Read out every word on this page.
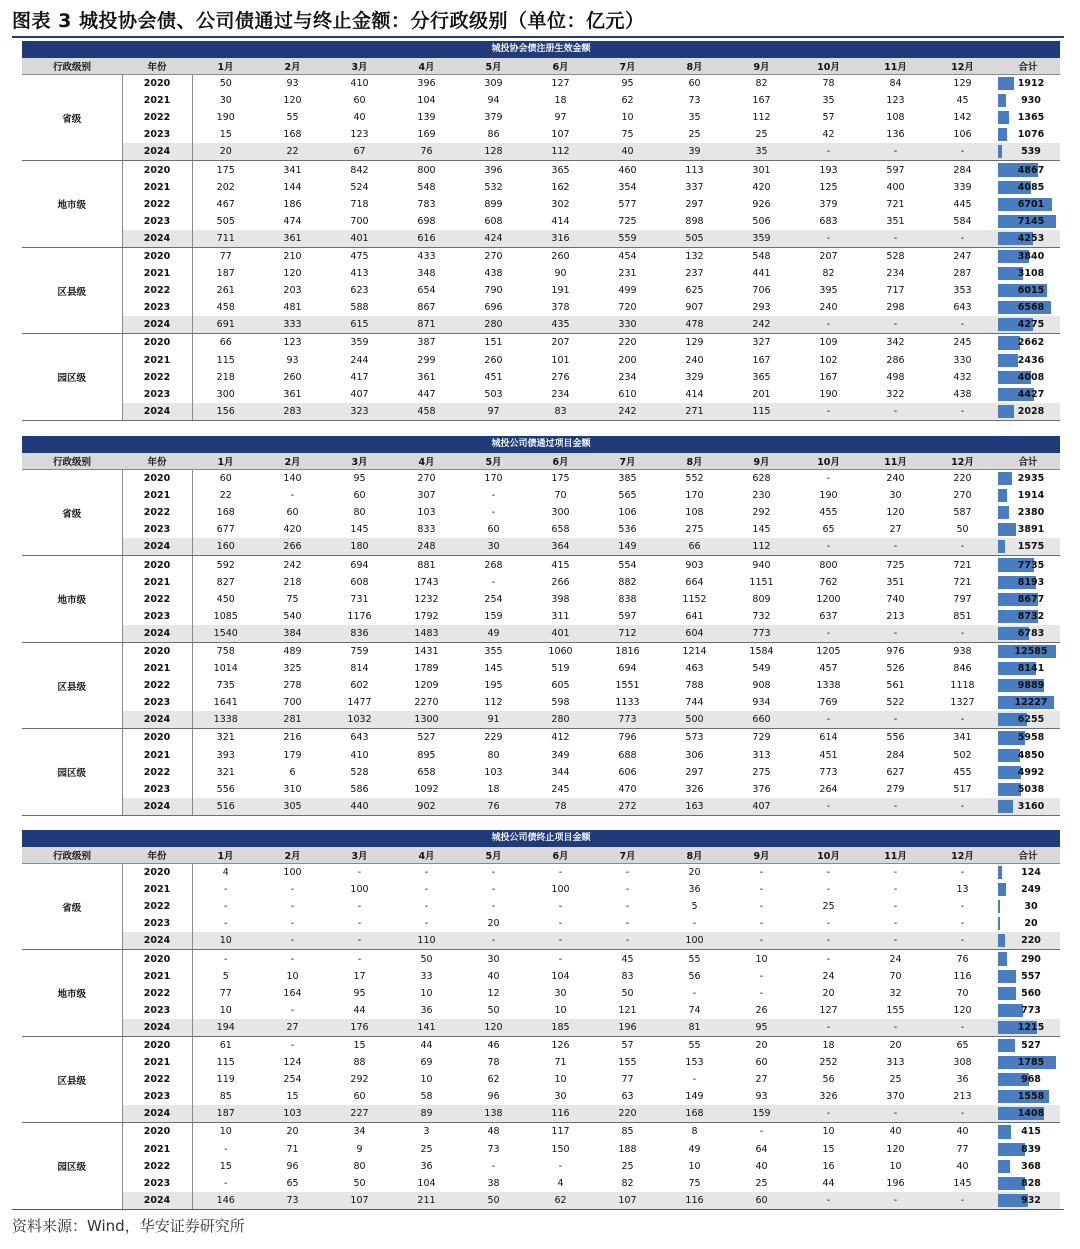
图表 3 城投协会债、公司债通过与终止金额：分行政级别（单位：亿元）
城投协会债注册生效金额
行政级别	年份	1月	2月	3月	4月	5月	6月	7月	8月	9月	10月	11月	12月	合计
省级	2020	50	93	410	396	309	127	95	60	82	78	84	129	1912

	2021	30	120	60	104	94	18	62	73	167	35	123	45	930

	2022	190	55	40	139	379	97	10	35	112	57	108	142	1365

	2023	15	168	123	169	86	107	75	25	25	42	136	106	1076

	2024	20	22	67	76	128	112	40	39	35	-	-	-	539

地市级	2020	175	341	842	800	396	365	460	113	301	193	597	284	4867

	2021	202	144	524	548	532	162	354	337	420	125	400	339	4085

	2022	467	186	718	783	899	302	577	297	926	379	721	445	6701

	2023	505	474	700	698	608	414	725	898	506	683	351	584	7145

	2024	711	361	401	616	424	316	559	505	359	-	-	-	4253

区县级	2020	77	210	475	433	270	260	454	132	548	207	528	247	3840

	2021	187	120	413	348	438	90	231	237	441	82	234	287	3108

	2022	261	203	623	654	790	191	499	625	706	395	717	353	6015

	2023	458	481	588	867	696	378	720	907	293	240	298	643	6568

	2024	691	333	615	871	280	435	330	478	242	-	-	-	4275

园区级	2020	66	123	359	387	151	207	220	129	327	109	342	245	2662

	2021	115	93	244	299	260	101	200	240	167	102	286	330	2436

	2022	218	260	417	361	451	276	234	329	365	167	498	432	4008

	2023	300	361	407	447	503	234	610	414	201	190	322	438	4427

	2024	156	283	323	458	97	83	242	271	115	-	-	-	2028
城投公司债通过项目金额
行政级别	年份	1月	2月	3月	4月	5月	6月	7月	8月	9月	10月	11月	12月	合计
省级	2020	60	140	95	270	170	175	385	552	628	-	240	220	2935

	2021	22	-	60	307	-	70	565	170	230	190	30	270	1914

	2022	168	60	80	103	-	300	106	108	292	455	120	587	2380

	2023	677	420	145	833	60	658	536	275	145	65	27	50	3891

	2024	160	266	180	248	30	364	149	66	112	-	-	-	1575

地市级	2020	592	242	694	881	268	415	554	903	940	800	725	721	7735

	2021	827	218	608	1743	-	266	882	664	1151	762	351	721	8193

	2022	450	75	731	1232	254	398	838	1152	809	1200	740	797	8677

	2023	1085	540	1176	1792	159	311	597	641	732	637	213	851	8732

	2024	1540	384	836	1483	49	401	712	604	773	-	-	-	6783

区县级	2020	758	489	759	1431	355	1060	1816	1214	1584	1205	976	938	12585

	2021	1014	325	814	1789	145	519	694	463	549	457	526	846	8141

	2022	735	278	602	1209	195	605	1551	788	908	1338	561	1118	9889

	2023	1641	700	1477	2270	112	598	1133	744	934	769	522	1327	12227

	2024	1338	281	1032	1300	91	280	773	500	660	-	-	-	6255

园区级	2020	321	216	643	527	229	412	796	573	729	614	556	341	5958

	2021	393	179	410	895	80	349	688	306	313	451	284	502	4850

	2022	321	6	528	658	103	344	606	297	275	773	627	455	4992

	2023	556	310	586	1092	18	245	470	326	376	264	279	517	5038

	2024	516	305	440	902	76	78	272	163	407	-	-	-	3160
城投公司债终止项目金额
行政级别	年份	1月	2月	3月	4月	5月	6月	7月	8月	9月	10月	11月	12月	合计
省级	2020	4	100	-	-	-	-	-	20	-	-	-	-	124

	2021	-	-	100	-	-	100	-	36	-	-	-	13	249

	2022	-	-	-	-	-	-	-	5	-	25	-	-	30

	2023	-	-	-	-	20	-	-	-	-	-	-	-	20

	2024	10	-	-	110	-	-	-	100	-	-	-	-	220

地市级	2020	-	-	-	50	30	-	45	55	10	-	24	76	290

	2021	5	10	17	33	40	104	83	56	-	24	70	116	557

	2022	77	164	95	10	12	30	50	-	-	20	32	70	560

	2023	10	-	44	36	50	10	121	74	26	127	155	120	773

	2024	194	27	176	141	120	185	196	81	95	-	-	-	1215

区县级	2020	61	-	15	44	46	126	57	55	20	18	20	65	527

	2021	115	124	88	69	78	71	155	153	60	252	313	308	1785

	2022	119	254	292	10	62	10	77	-	27	56	25	36	968

	2023	85	15	60	58	96	30	63	149	93	326	370	213	1558

	2024	187	103	227	89	138	116	220	168	159	-	-	-	1408

园区级	2020	10	20	34	3	48	117	85	8	-	10	40	40	415

	2021	-	71	9	25	73	150	188	49	64	15	120	77	839

	2022	15	96	80	36	-	-	25	10	40	16	10	40	368

	2023	-	65	50	104	38	4	82	75	25	44	196	145	828

	2024	146	73	107	211	50	62	107	116	60	-	-	-	932
资料来源：Wind，华安证券研究所
